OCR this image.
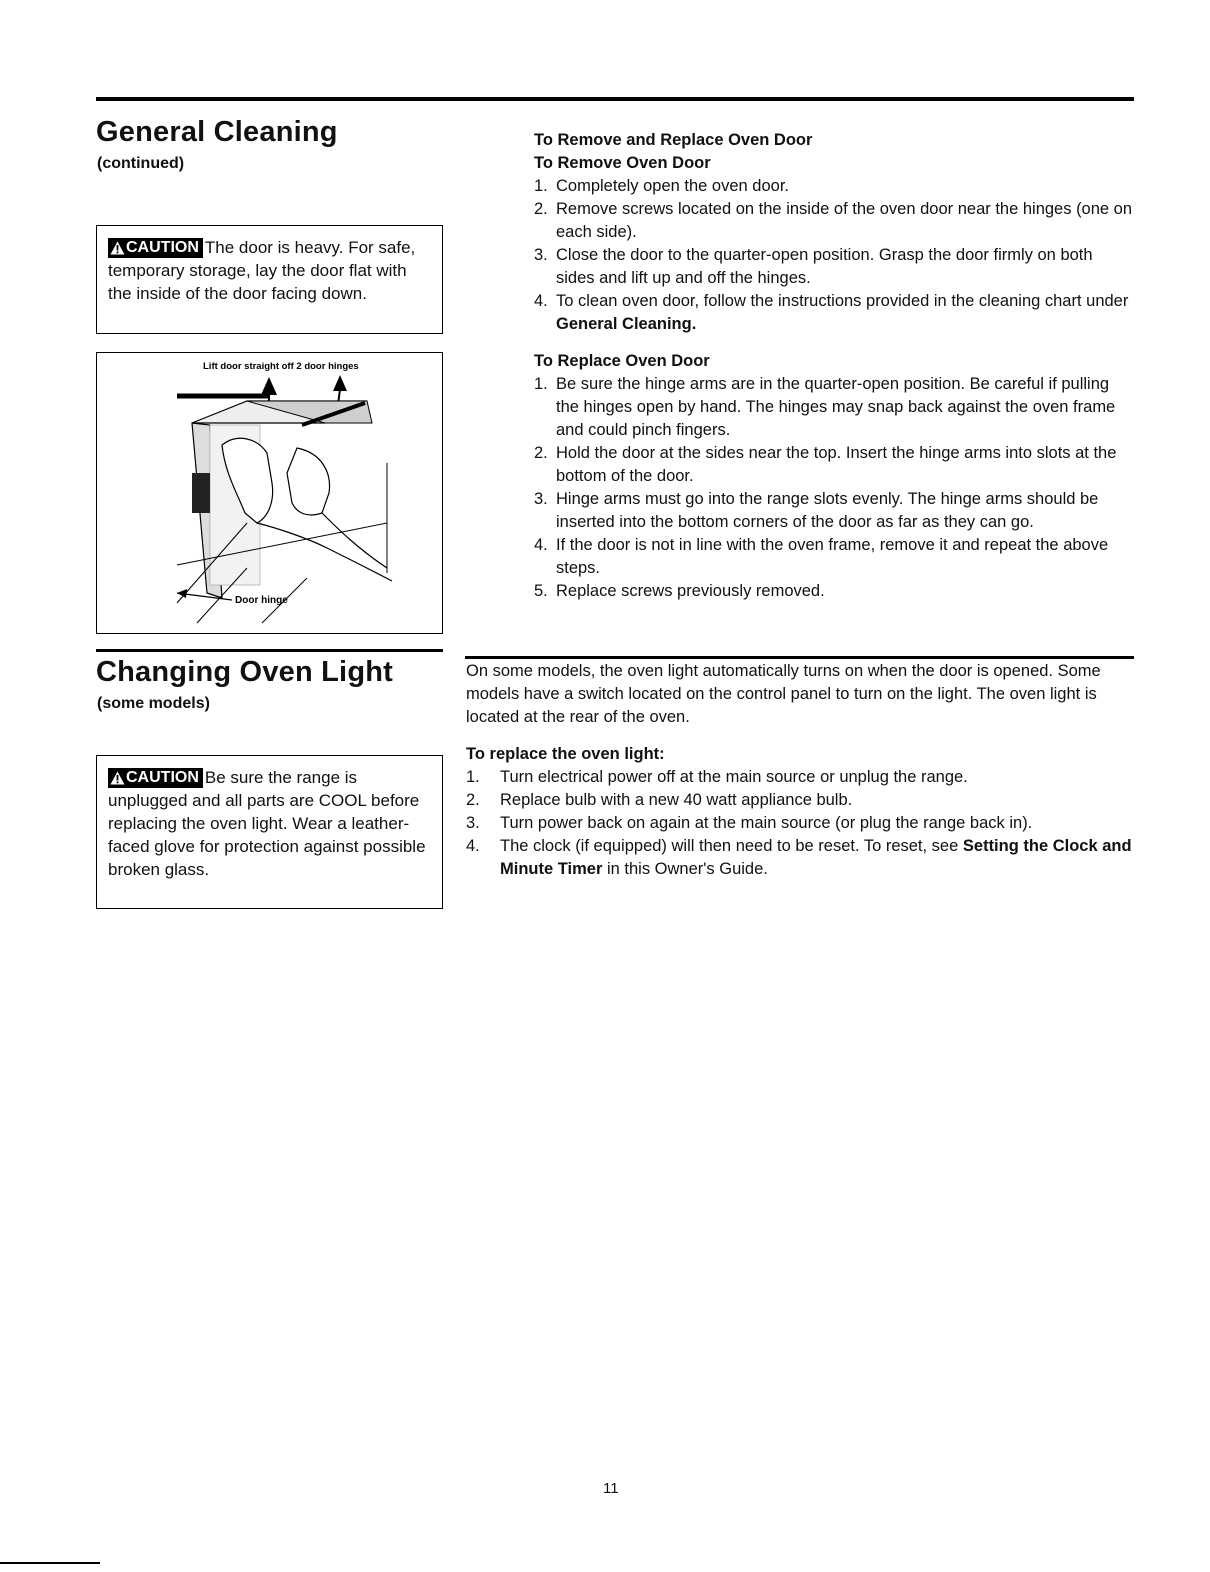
General Cleaning
(continued)
CAUTION The door is heavy. For safe, temporary storage, lay the door flat with the inside of the door facing down.
Lift door straight off 2 door hinges
Door hinge
To Remove and Replace Oven Door
To Remove Oven Door
1. Completely open the oven door.
2. Remove screws located on the inside of the oven door near the hinges (one on each side).
3. Close the door to the quarter-open position. Grasp the door firmly on both sides and lift up and off the hinges.
4. To clean oven door, follow the instructions provided in the cleaning chart under General Cleaning.
To Replace Oven Door
1. Be sure the hinge arms are in the quarter-open position. Be careful if pulling the hinges open by hand. The hinges may snap back against the oven frame and could pinch fingers.
2. Hold the door at the sides near the top. Insert the hinge arms into slots at the bottom of the door.
3. Hinge arms must go into the range slots evenly. The hinge arms should be inserted into the bottom corners of the door as far as they can go.
4. If the door is not in line with the oven frame, remove it and repeat the above steps.
5. Replace screws previously removed.
Changing Oven Light
(some models)
CAUTION Be sure the range is unplugged and all parts are COOL before replacing the oven light. Wear a leather-faced glove for protection against possible broken glass.

On some models, the oven light automatically turns on when the door is opened. Some models have a switch located on the control panel to turn on the light. The oven light is located at the rear of the oven.

To replace the oven light:
1. Turn electrical power off at the main source or unplug the range.
2. Replace bulb with a new 40 watt appliance bulb.
3. Turn power back on again at the main source (or plug the range back in).
4. The clock (if equipped) will then need to be reset. To reset, see Setting the Clock and Minute Timer in this Owner's Guide.
11
